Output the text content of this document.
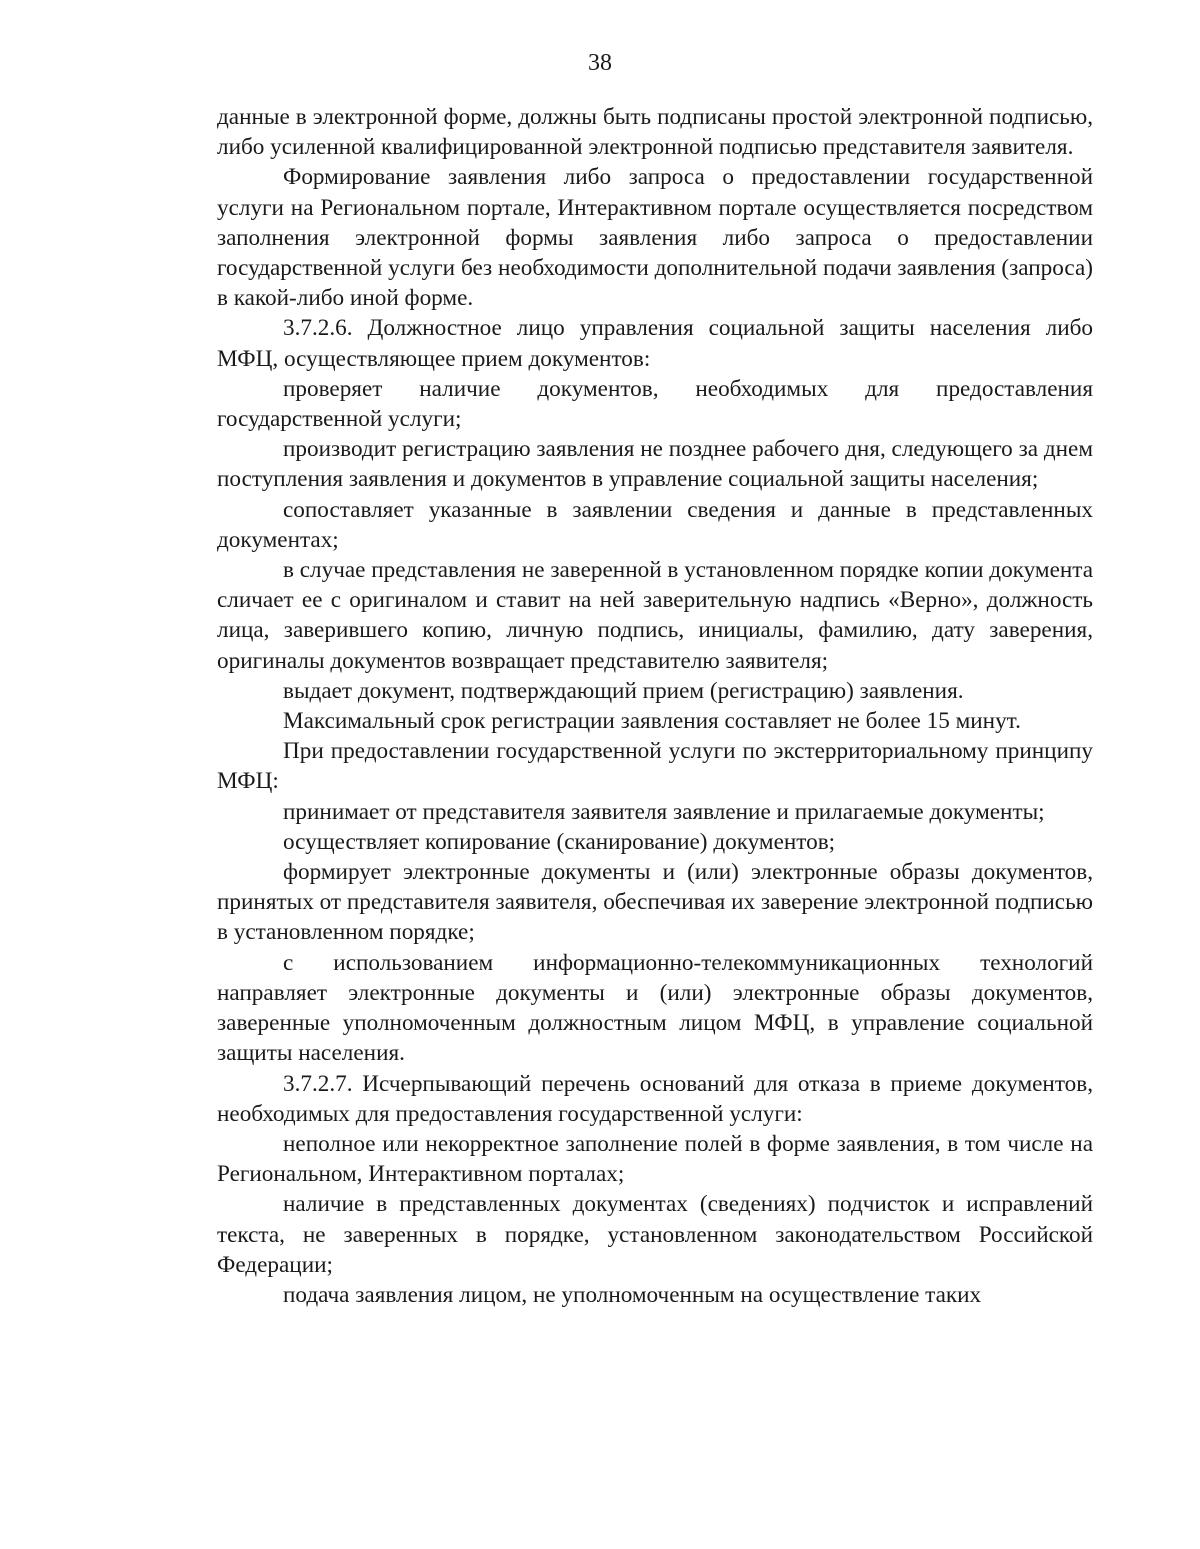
38

данные в электронной форме, должны быть подписаны простой электронной подписью, либо усиленной квалифицированной электронной подписью представителя заявителя.

Формирование заявления либо запроса о предоставлении государственной услуги на Региональном портале, Интерактивном портале осуществляется посредством заполнения электронной формы заявления либо запроса о предоставлении государственной услуги без необходимости дополнительной подачи заявления (запроса) в какой-либо иной форме.

3.7.2.6. Должностное лицо управления социальной защиты населения либо МФЦ, осуществляющее прием документов:

проверяет наличие документов, необходимых для предоставления государственной услуги;

производит регистрацию заявления не позднее рабочего дня, следующего за днем поступления заявления и документов в управление социальной защиты населения;

сопоставляет указанные в заявлении сведения и данные в представленных документах;

в случае представления не заверенной в установленном порядке копии документа сличает ее с оригиналом и ставит на ней заверительную надпись «Верно», должность лица, заверившего копию, личную подпись, инициалы, фамилию, дату заверения, оригиналы документов возвращает представителю заявителя;

выдает документ, подтверждающий прием (регистрацию) заявления.

Максимальный срок регистрации заявления составляет не более 15 минут.

При предоставлении государственной услуги по экстерриториальному принципу МФЦ:

принимает от представителя заявителя заявление и прилагаемые документы;

осуществляет копирование (сканирование) документов;

формирует электронные документы и (или) электронные образы документов, принятых от представителя заявителя, обеспечивая их заверение электронной подписью в установленном порядке;

с использованием информационно-телекоммуникационных технологий направляет электронные документы и (или) электронные образы документов, заверенные уполномоченным должностным лицом МФЦ, в управление социальной защиты населения.

3.7.2.7. Исчерпывающий перечень оснований для отказа в приеме документов, необходимых для предоставления государственной услуги:

неполное или некорректное заполнение полей в форме заявления, в том числе на Региональном, Интерактивном порталах;

наличие в представленных документах (сведениях) подчисток и исправлений текста, не заверенных в порядке, установленном законодательством Российской Федерации;

подача заявления лицом, не уполномоченным на осуществление таких
